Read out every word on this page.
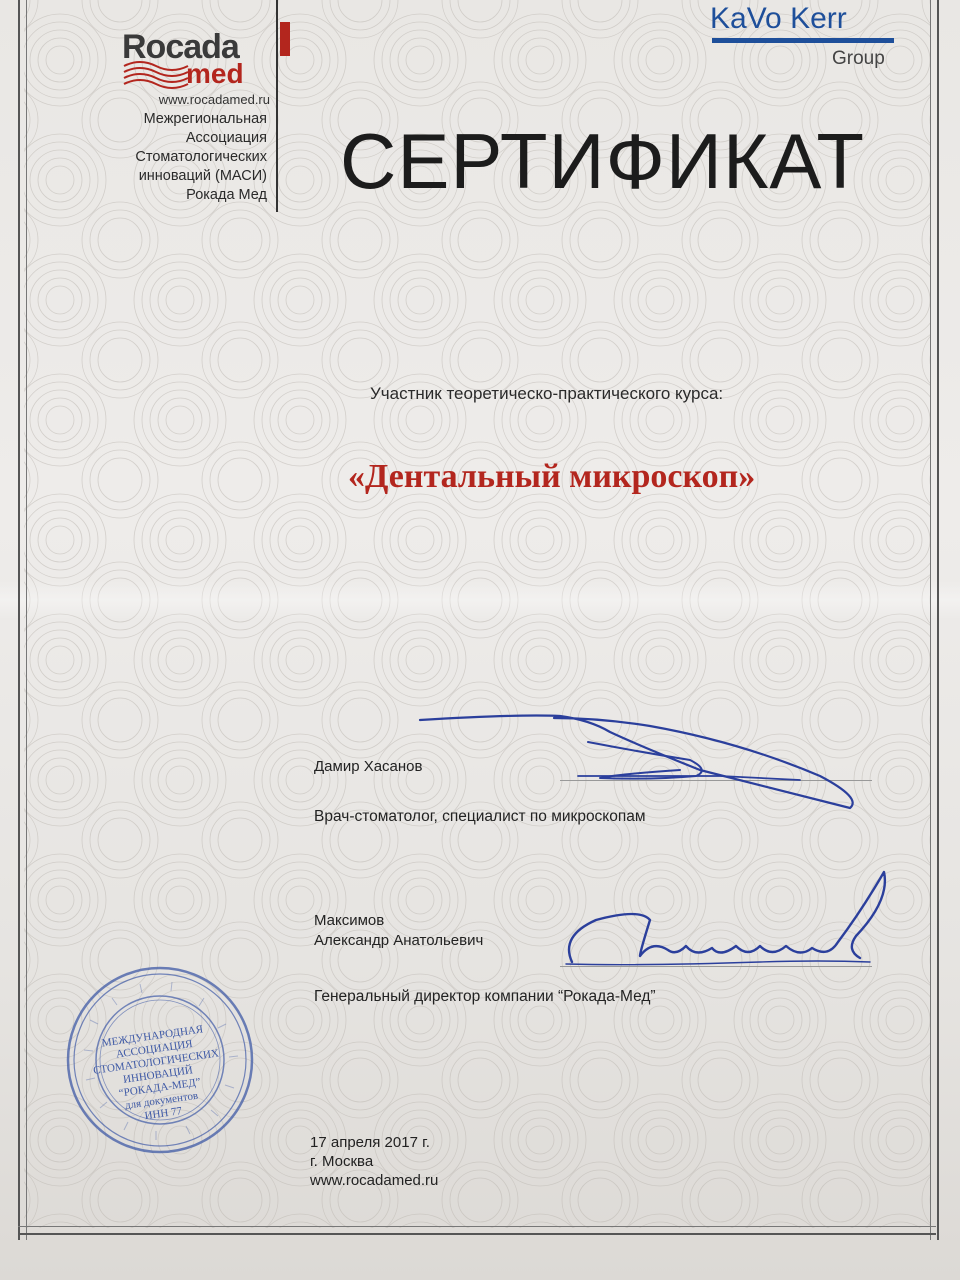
Rocada
med
www.rocadamed.ru
Межрегиональная
Ассоциация
Стоматологических
инноваций (МАСИ)
Рокада Мед
KaVo Kerr
Group
СЕРТИФИКАТ
Участник теоретическо-практического курса:
«Дентальный микроскоп»
Дамир Хасанов
Врач-стоматолог, специалист по микроскопам
Максимов
Александр Анатольевич
Генеральный директор компании “Рокада-Мед”
МЕЖДУНАРОДНАЯ
АССОЦИАЦИЯ
СТОМАТОЛОГИЧЕСКИХ
ИННОВАЦИЙ
“РОКАДА-МЕД”
для документов
ИНН 77
17 апреля 2017 г.
г. Москва
www.rocadamed.ru
